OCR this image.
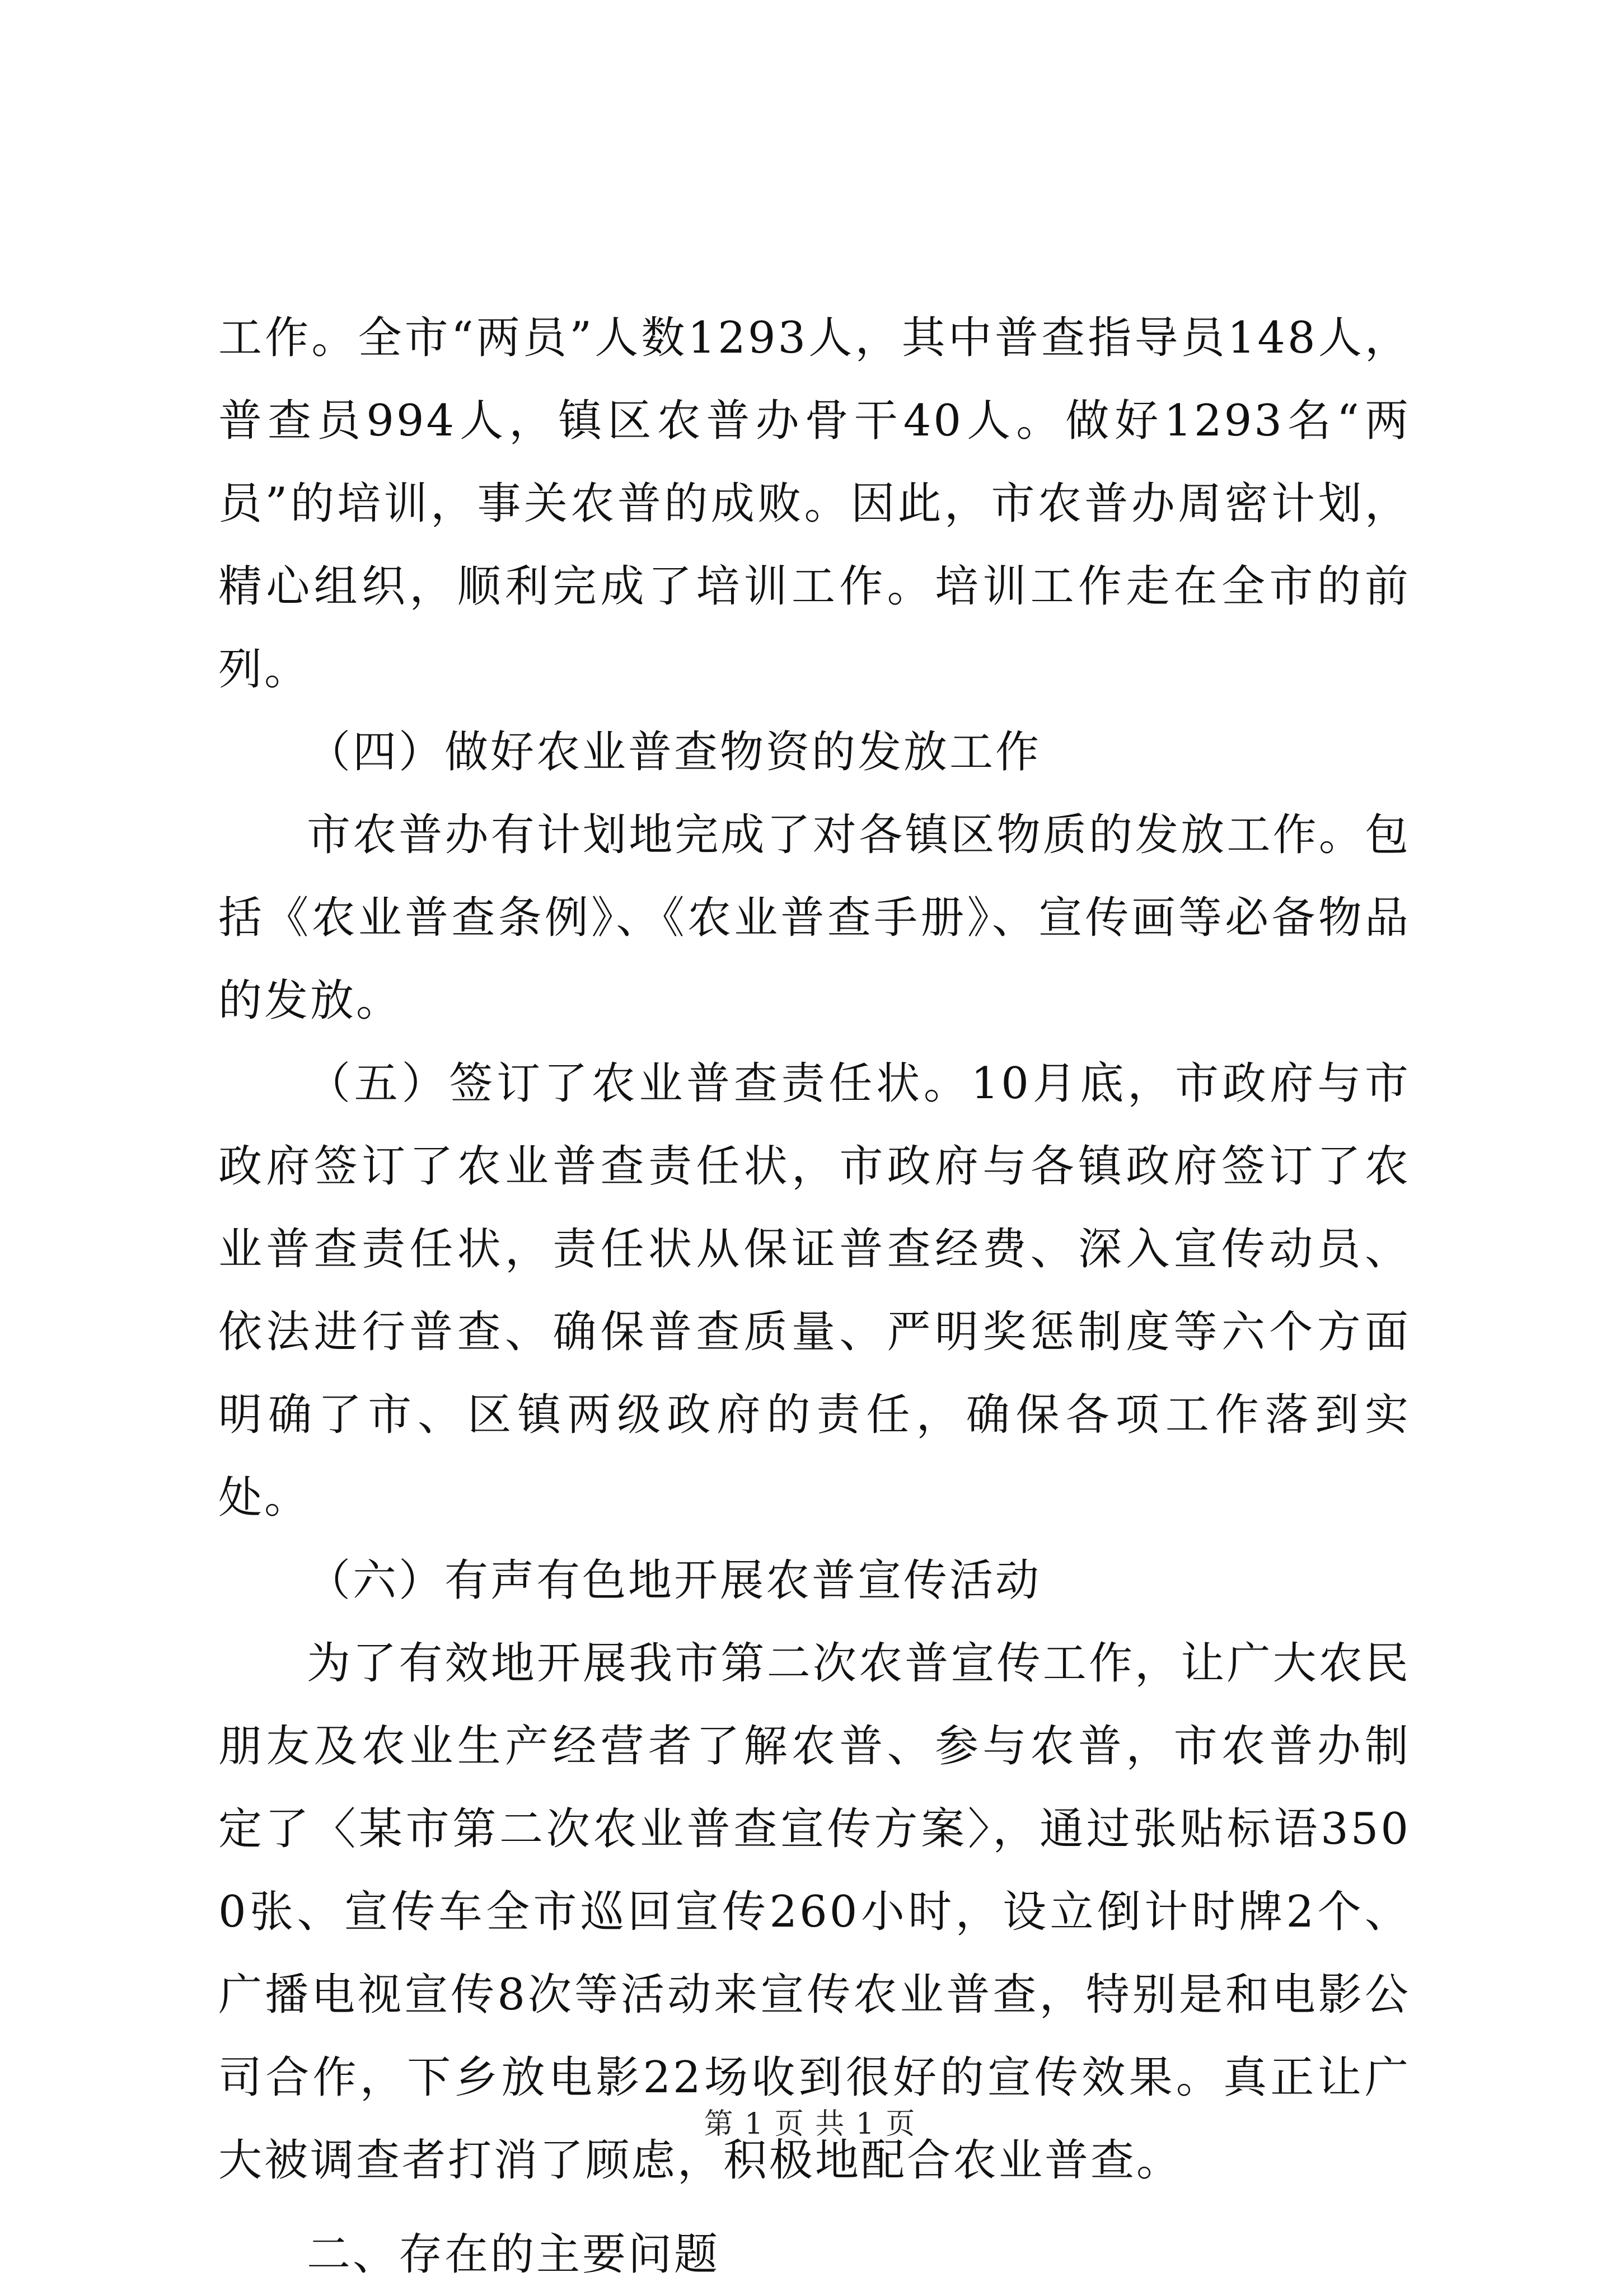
工作。全市“两员”人数1293人，其中普查指导员148人，普查员994人，镇区农普办骨干40人。做好1293名“两员”的培训，事关农普的成败。因此，市农普办周密计划，精心组织，顺利完成了培训工作。培训工作走在全市的前列。

（四）做好农业普查物资的发放工作

市农普办有计划地完成了对各镇区物质的发放工作。包括《农业普查条例》、《农业普查手册》、宣传画等必备物品的发放。

（五）签订了农业普查责任状。10月底，市政府与市政府签订了农业普查责任状，市政府与各镇政府签订了农业普查责任状，责任状从保证普查经费、深入宣传动员、依法进行普查、确保普查质量、严明奖惩制度等六个方面明确了市、区镇两级政府的责任，确保各项工作落到实处。

（六）有声有色地开展农普宣传活动

为了有效地开展我市第二次农普宣传工作，让广大农民朋友及农业生产经营者了解农普、参与农普，市农普办制定了〈某市第二次农业普查宣传方案〉，通过张贴标语3500张、宣传车全市巡回宣传260小时，设立倒计时牌2个、广播电视宣传8次等活动来宣传农业普查，特别是和电影公司合作，下乡放电影22场收到很好的宣传效果。真正让广大被调查者打消了顾虑，积极地配合农业普查。

二、存在的主要问题

第 1 页 共 1 页
